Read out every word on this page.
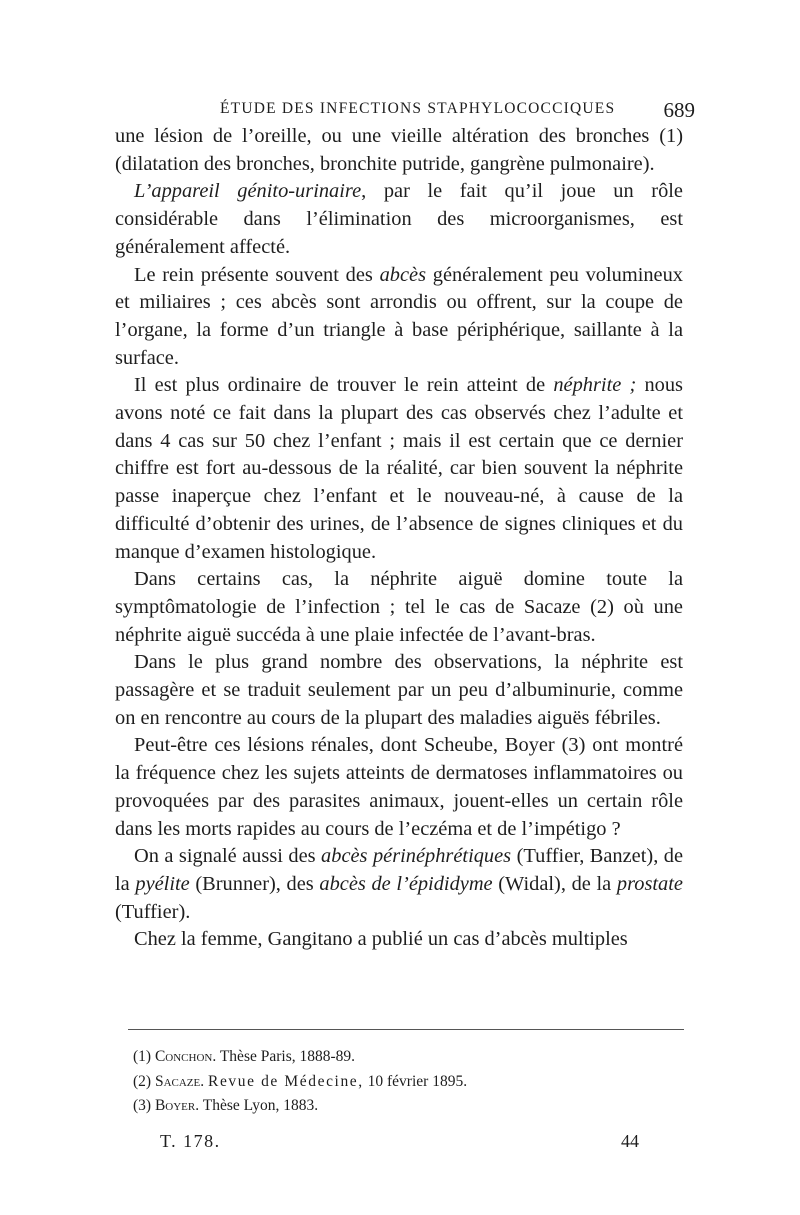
ÉTUDE DES INFECTIONS STAPHYLOCOCCIQUES 689

une lésion de l’oreille, ou une vieille altération des bronches (1) (dilatation des bronches, bronchite putride, gangrène pulmonaire).

L’appareil génito-urinaire, par le fait qu’il joue un rôle considérable dans l’élimination des microorganismes, est généralement affecté.

Le rein présente souvent des abcès généralement peu volumineux et miliaires ; ces abcès sont arrondis ou offrent, sur la coupe de l’organe, la forme d’un triangle à base périphérique, saillante à la surface.

Il est plus ordinaire de trouver le rein atteint de néphrite ; nous avons noté ce fait dans la plupart des cas observés chez l’adulte et dans 4 cas sur 50 chez l’enfant ; mais il est certain que ce dernier chiffre est fort au-dessous de la réalité, car bien souvent la néphrite passe inaperçue chez l’enfant et le nouveau-né, à cause de la difficulté d’obtenir des urines, de l’absence de signes cliniques et du manque d’examen histologique.

Dans certains cas, la néphrite aiguë domine toute la symptômatologie de l’infection ; tel le cas de Sacaze (2) où une néphrite aiguë succéda à une plaie infectée de l’avant-bras.

Dans le plus grand nombre des observations, la néphrite est passagère et se traduit seulement par un peu d’albuminurie, comme on en rencontre au cours de la plupart des maladies aiguës fébriles.

Peut-être ces lésions rénales, dont Scheube, Boyer (3) ont montré la fréquence chez les sujets atteints de dermatoses inflammatoires ou provoquées par des parasites animaux, jouent-elles un certain rôle dans les morts rapides au cours de l’eczéma et de l’impétigo ?

On a signalé aussi des abcès périnéphrétiques (Tuffier, Banzet), de la pyélite (Brunner), des abcès de l’épididyme (Widal), de la prostate (Tuffier).

Chez la femme, Gangitano a publié un cas d’abcès multiples

(1) Conchon. Thèse Paris, 1888-89.
(2) Sacaze. Revue de Médecine, 10 février 1895.
(3) Boyer. Thèse Lyon, 1883.
T. 178.	44
